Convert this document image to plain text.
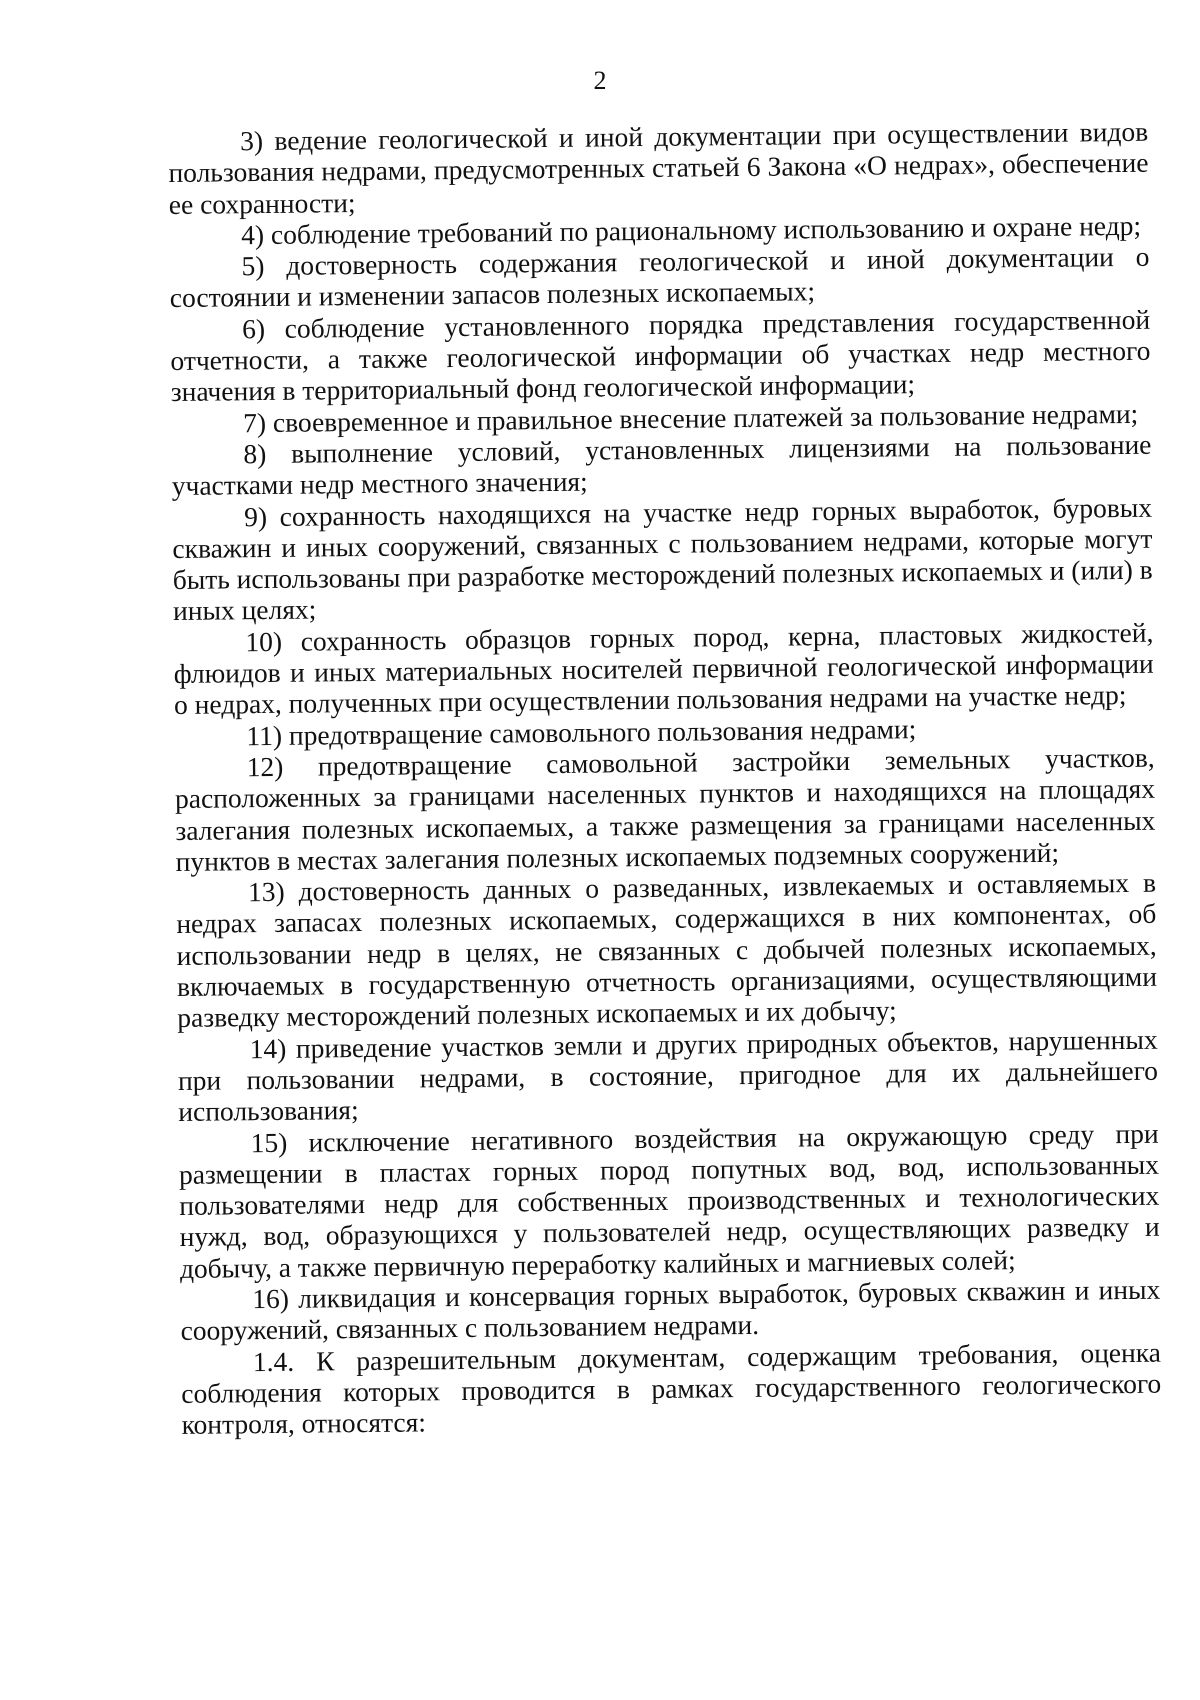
2

3) ведение геологической и иной документации при осуществлении видов пользования недрами, предусмотренных статьей 6 Закона «О недрах», обеспечение ее сохранности;

4) соблюдение требований по рациональному использованию и охране недр;

5) достоверность содержания геологической и иной документации о состоянии и изменении запасов полезных ископаемых;

6) соблюдение установленного порядка представления государственной отчетности, а также геологической информации об участках недр местного значения в территориальный фонд геологической информации;

7) своевременное и правильное внесение платежей за пользование недрами;

8) выполнение условий, установленных лицензиями на пользование участками недр местного значения;

9) сохранность находящихся на участке недр горных выработок, буровых скважин и иных сооружений, связанных с пользованием недрами, которые могут быть использованы при разработке месторождений полезных ископаемых и (или) в иных целях;

10) сохранность образцов горных пород, керна, пластовых жидкостей, флюидов и иных материальных носителей первичной геологической информации о недрах, полученных при осуществлении пользования недрами на участке недр;

11) предотвращение самовольного пользования недрами;

12) предотвращение самовольной застройки земельных участков, расположенных за границами населенных пунктов и находящихся на площадях залегания полезных ископаемых, а также размещения за границами населенных пунктов в местах залегания полезных ископаемых подземных сооружений;

13) достоверность данных о разведанных, извлекаемых и оставляемых в недрах запасах полезных ископаемых, содержащихся в них компонентах, об использовании недр в целях, не связанных с добычей полезных ископаемых, включаемых в государственную отчетность организациями, осуществляющими разведку месторождений полезных ископаемых и их добычу;

14) приведение участков земли и других природных объектов, нарушенных при пользовании недрами, в состояние, пригодное для их дальнейшего использования;

15) исключение негативного воздействия на окружающую среду при размещении в пластах горных пород попутных вод, вод, использованных пользователями недр для собственных производственных и технологических нужд, вод, образующихся у пользователей недр, осуществляющих разведку и добычу, а также первичную переработку калийных и магниевых солей;

16) ликвидация и консервация горных выработок, буровых скважин и иных сооружений, связанных с пользованием недрами.

1.4. К разрешительным документам, содержащим требования, оценка соблюдения которых проводится в рамках государственного геологического контроля, относятся:
